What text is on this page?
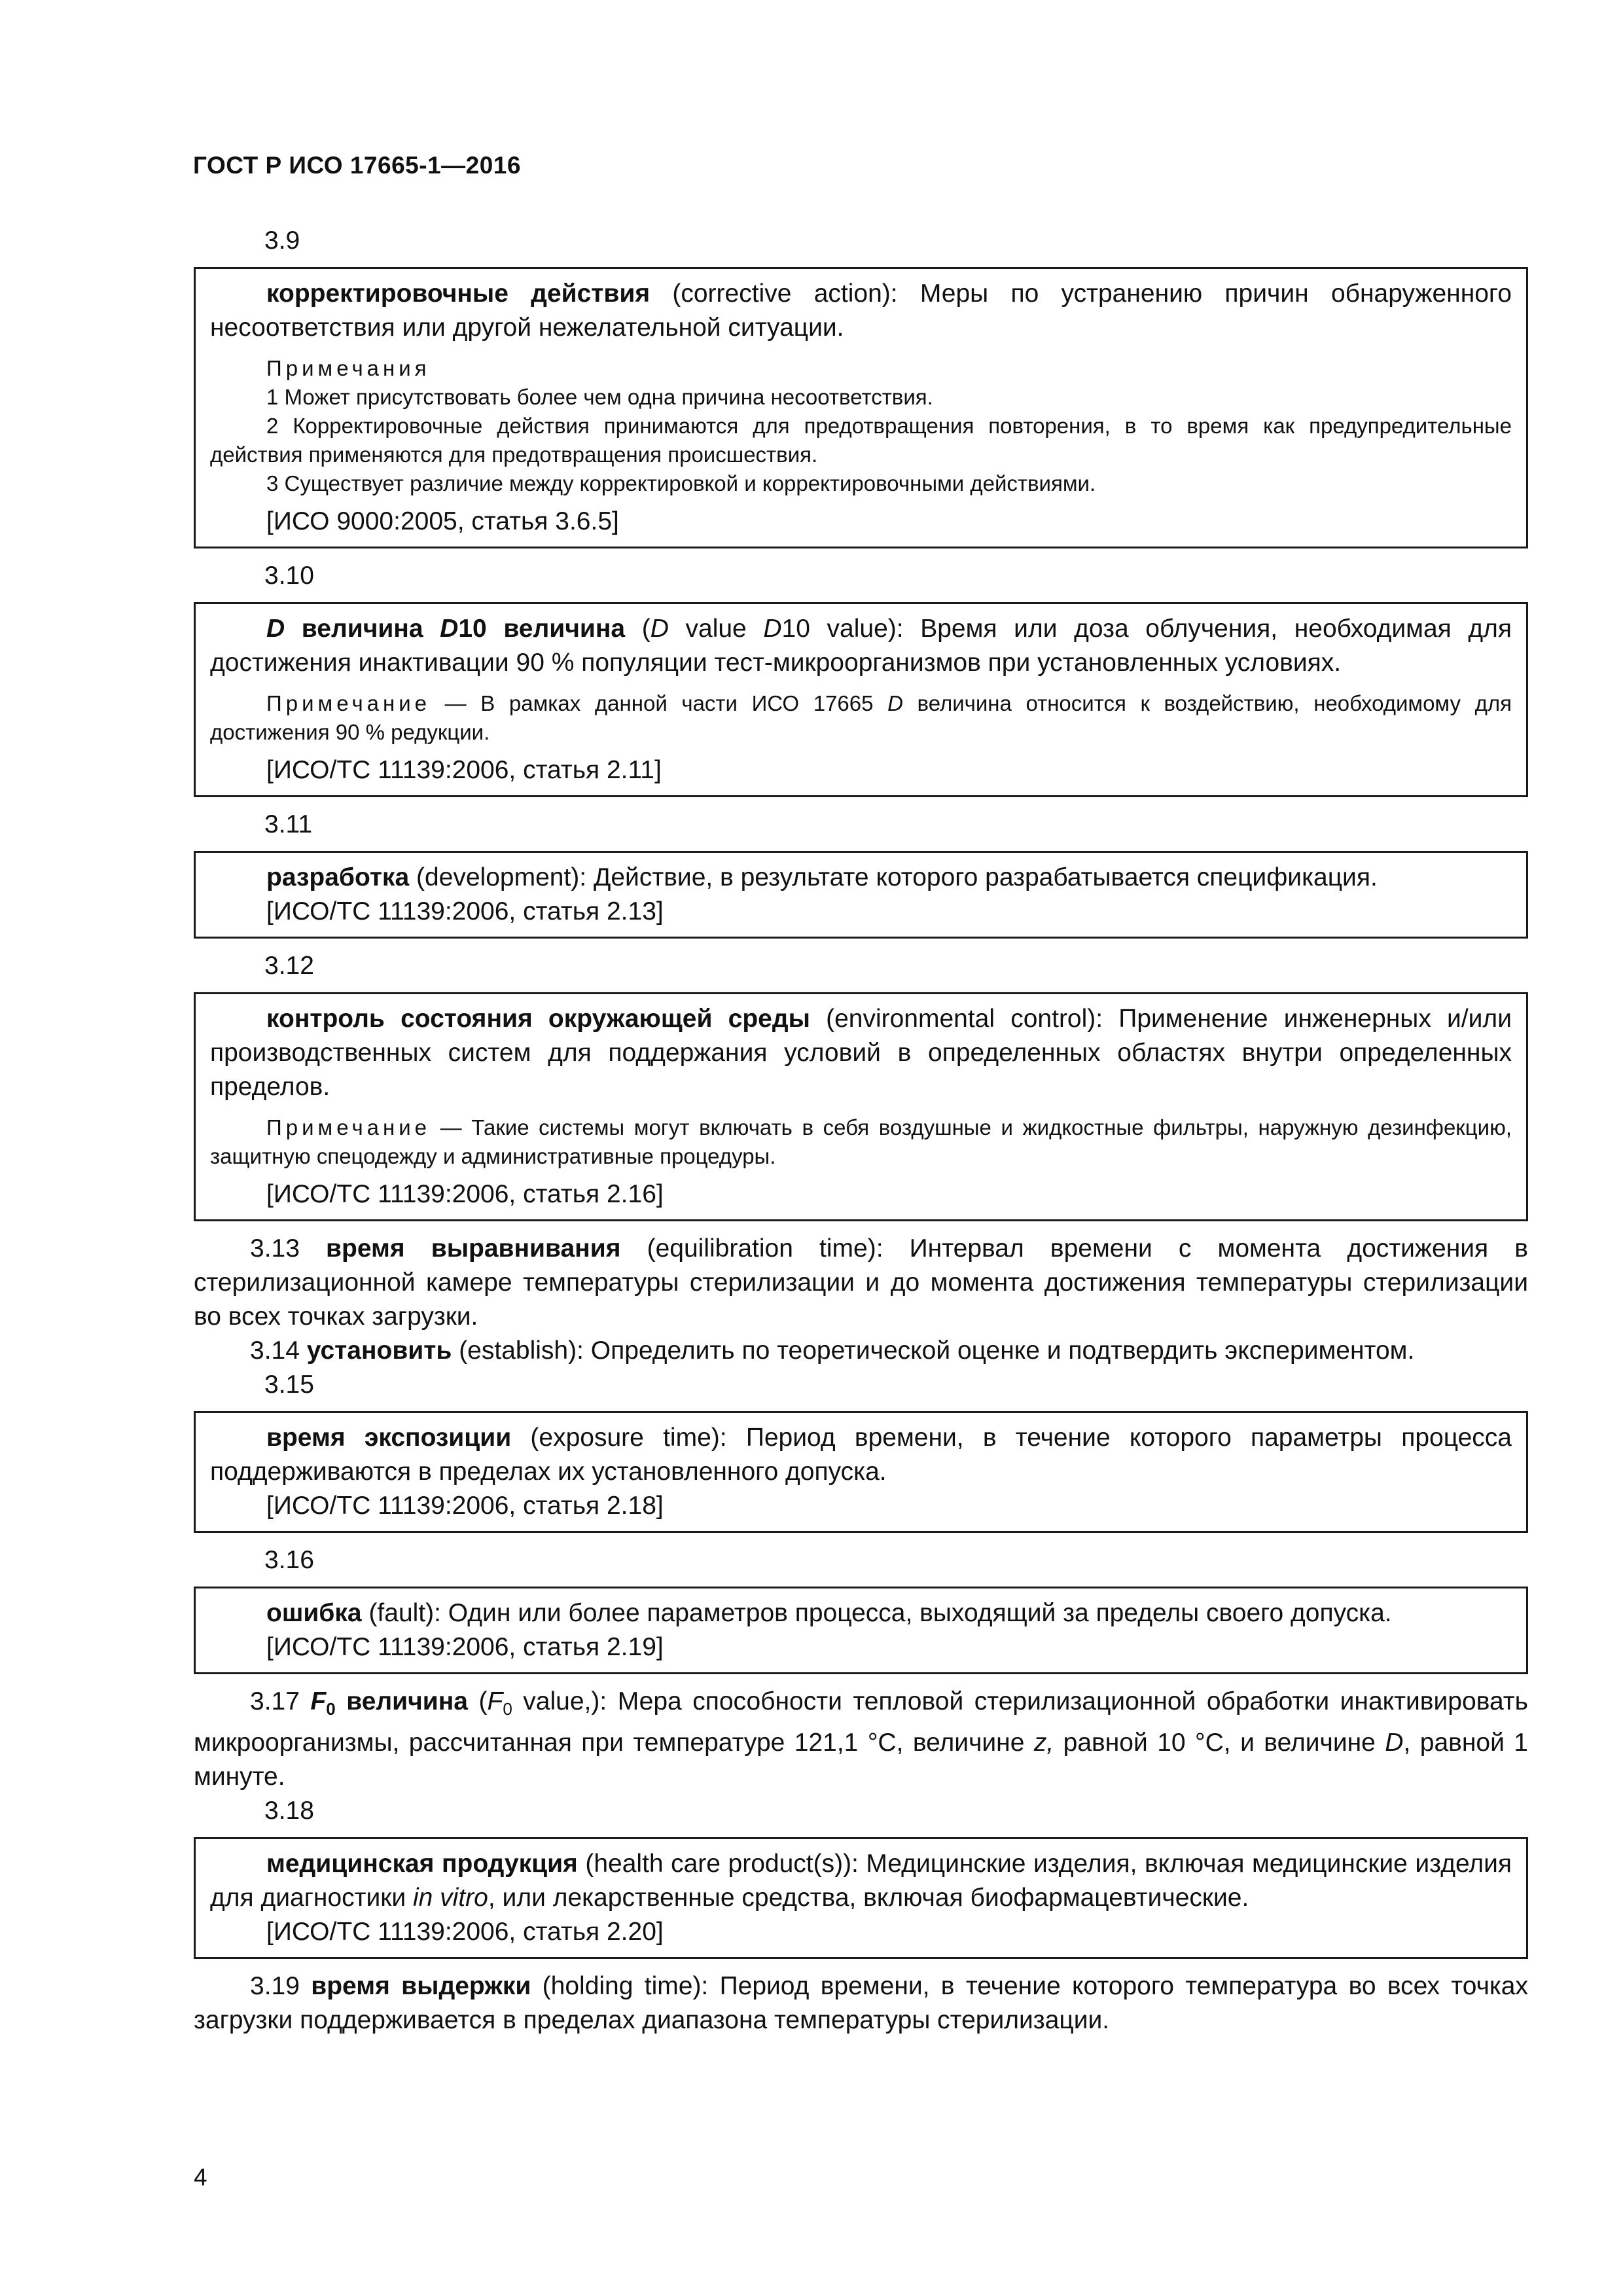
ГОСТ Р ИСО 17665-1—2016

3.9

корректировочные действия (corrective action): Меры по устранению причин обнаруженного несоответствия или другой нежелательной ситуации.

Примечания

1 Может присутствовать более чем одна причина несоответствия.

2 Корректировочные действия принимаются для предотвращения повторения, в то время как предупредительные действия применяются для предотвращения происшествия.

3 Существует различие между корректировкой и корректировочными действиями.

[ИСО 9000:2005, статья 3.6.5]

3.10

D величина D10 величина (D value D10 value): Время или доза облучения, необходимая для достижения инактивации 90 % популяции тест-микроорганизмов при установленных условиях.

Примечание — В рамках данной части ИСО 17665 D величина относится к воздействию, необходимому для достижения 90 % редукции.

[ИСО/ТС 11139:2006, статья 2.11]

3.11

разработка (development): Действие, в результате которого разрабатывается спецификация.

[ИСО/ТС 11139:2006, статья 2.13]

3.12

контроль состояния окружающей среды (environmental control): Применение инженерных и/или производственных систем для поддержания условий в определенных областях внутри определенных пределов.

Примечание — Такие системы могут включать в себя воздушные и жидкостные фильтры, наружную дезинфекцию, защитную спецодежду и административные процедуры.

[ИСО/ТС 11139:2006, статья 2.16]

3.13 время выравнивания (equilibration time): Интервал времени с момента достижения в стерилизационной камере температуры стерилизации и до момента достижения температуры стерилизации во всех точках загрузки.

3.14 установить (establish): Определить по теоретической оценке и подтвердить экспериментом.

3.15

время экспозиции (exposure time): Период времени, в течение которого параметры процесса поддерживаются в пределах их установленного допуска.

[ИСО/ТС 11139:2006, статья 2.18]

3.16

ошибка (fault): Один или более параметров процесса, выходящий за пределы своего допуска.

[ИСО/ТС 11139:2006, статья 2.19]

3.17 $F_0$ величина ($F_0$ value,): Мера способности тепловой стерилизационной обработки инактивировать микроорганизмы, рассчитанная при температуре 121,1 °С, величине z, равной 10 °С, и величине D, равной 1 минуте.

3.18

медицинская продукция (health care product(s)): Медицинские изделия, включая медицинские изделия для диагностики in vitro, или лекарственные средства, включая биофармацевтические.

[ИСО/ТС 11139:2006, статья 2.20]

3.19 время выдержки (holding time): Период времени, в течение которого температура во всех точках загрузки поддерживается в пределах диапазона температуры стерилизации.

4
